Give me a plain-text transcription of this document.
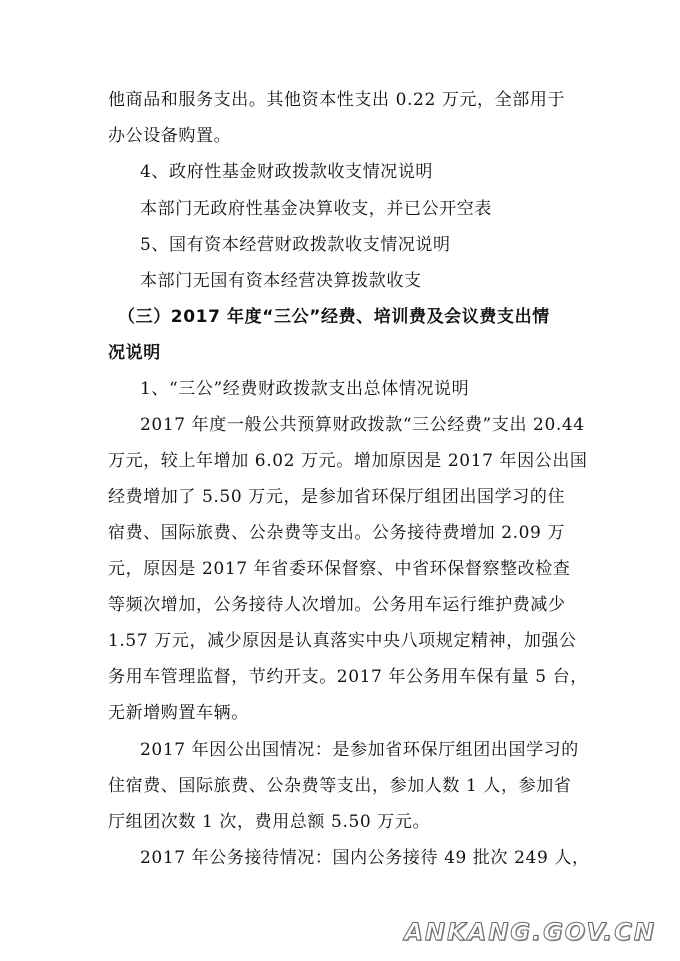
他商品和服务支出。其他资本性支出 0.22 万元，全部用于
办公设备购置。
4、政府性基金财政拨款收支情况说明
本部门无政府性基金决算收支，并已公开空表
5、国有资本经营财政拨款收支情况说明
本部门无国有资本经营决算拨款收支
（三）2017 年度“三公”经费、培训费及会议费支出情
况说明
1、“三公”经费财政拨款支出总体情况说明
2017 年度一般公共预算财政拨款“三公经费”支出 20.44
万元，较上年增加 6.02 万元。增加原因是 2017 年因公出国
经费增加了 5.50 万元，是参加省环保厅组团出国学习的住
宿费、国际旅费、公杂费等支出。公务接待费增加 2.09 万
元，原因是 2017 年省委环保督察、中省环保督察整改检查
等频次增加，公务接待人次增加。公务用车运行维护费减少
1.57 万元，减少原因是认真落实中央八项规定精神，加强公
务用车管理监督，节约开支。2017 年公务用车保有量 5 台，
无新增购置车辆。
2017 年因公出国情况：是参加省环保厅组团出国学习的
住宿费、国际旅费、公杂费等支出，参加人数 1 人，参加省
厅组团次数 1 次，费用总额 5.50 万元。
2017 年公务接待情况：国内公务接待 49 批次 249 人，
ANKANG.GOV.CN
